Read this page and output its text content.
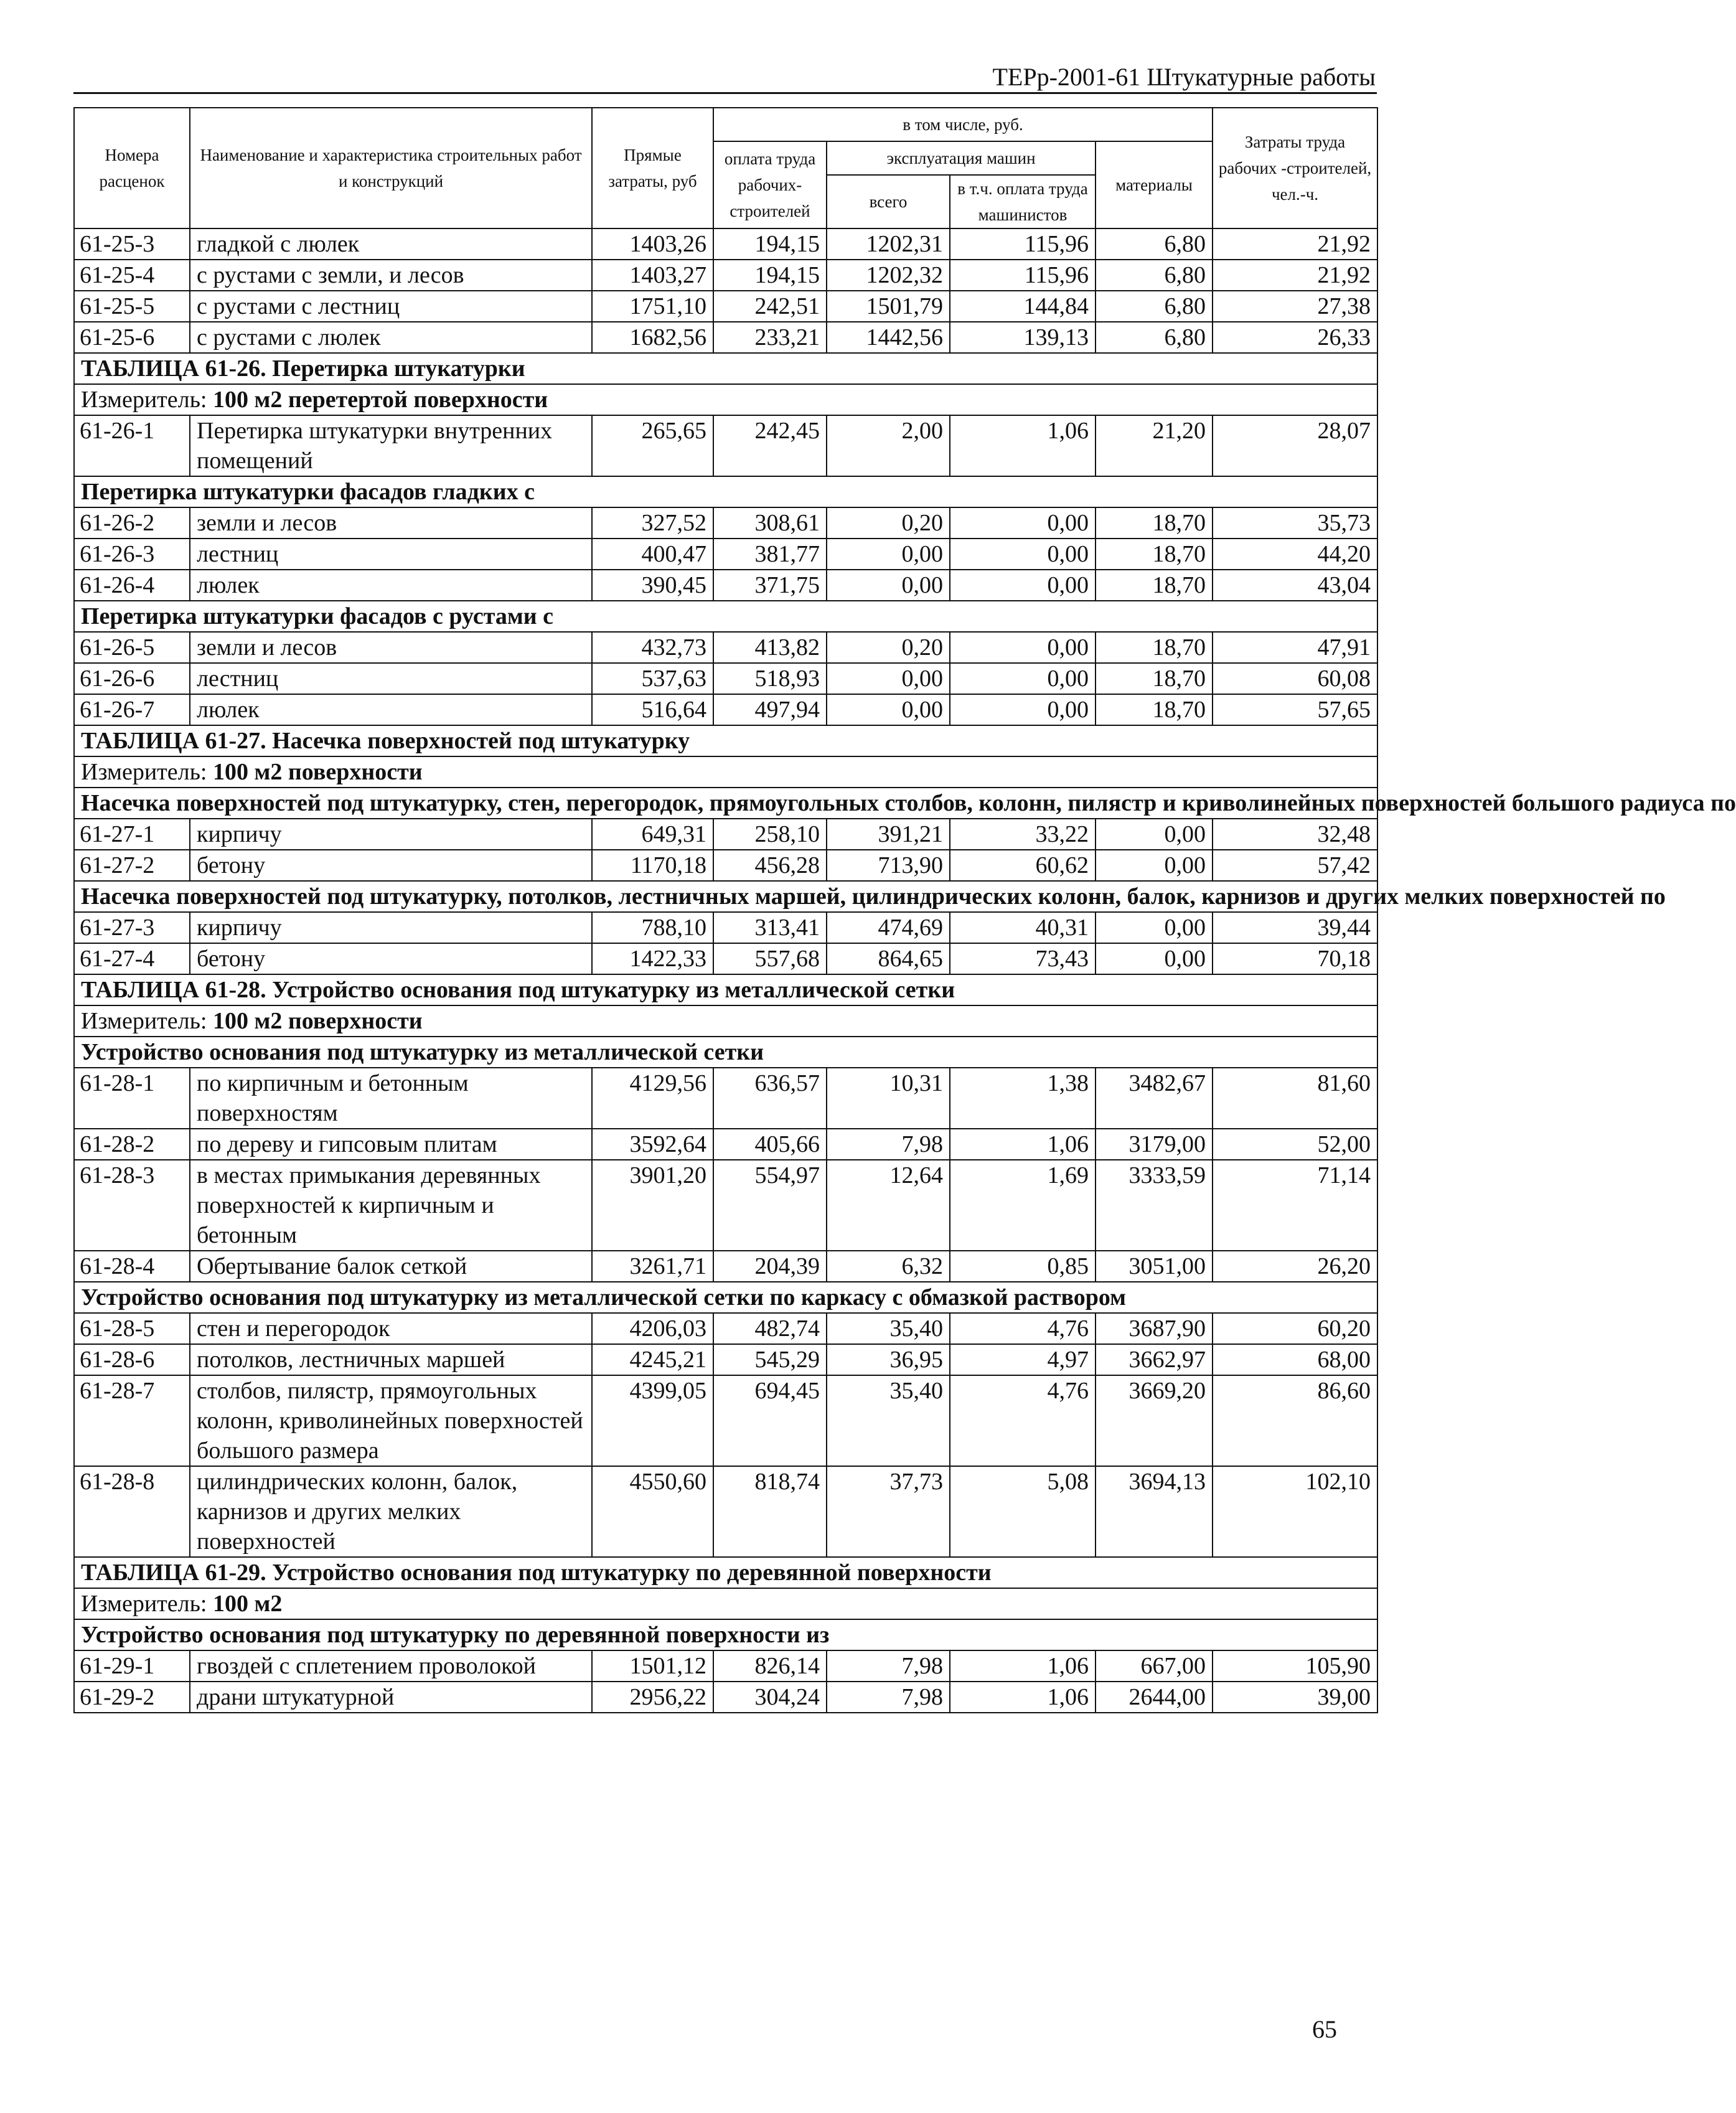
ТЕРр-2001-61 Штукатурные работы
Номера расценок	Наименование и характеристика строительных работ и конструкций	Прямые затраты, руб	в том числе, руб.				Затраты труда рабочих -строителей, чел.-ч.
			оплата труда рабочих-строителей	эксплуатация машин		материалы	
				всего	в т.ч. оплата труда машинистов		

61-25-3	гладкой с люлек	1403,26	194,15	1202,31	115,96	6,80	21,92
61-25-4	с рустами с земли, и лесов	1403,27	194,15	1202,32	115,96	6,80	21,92
61-25-5	с рустами с лестниц	1751,10	242,51	1501,79	144,84	6,80	27,38
61-25-6	с рустами с люлек	1682,56	233,21	1442,56	139,13	6,80	26,33
ТАБЛИЦА 61-26. Перетирка штукатурки							
Измеритель: 100 м2 перетертой поверхности							
61-26-1	Перетирка штукатурки внутренних помещений	265,65	242,45	2,00	1,06	21,20	28,07
Перетирка штукатурки фасадов гладких с							
61-26-2	земли и лесов	327,52	308,61	0,20	0,00	18,70	35,73
61-26-3	лестниц	400,47	381,77	0,00	0,00	18,70	44,20
61-26-4	люлек	390,45	371,75	0,00	0,00	18,70	43,04
Перетирка штукатурки фасадов с рустами с							
61-26-5	земли и лесов	432,73	413,82	0,20	0,00	18,70	47,91
61-26-6	лестниц	537,63	518,93	0,00	0,00	18,70	60,08
61-26-7	люлек	516,64	497,94	0,00	0,00	18,70	57,65
ТАБЛИЦА 61-27. Насечка поверхностей под штукатурку							
Измеритель: 100 м2 поверхности							
Насечка поверхностей под штукатурку, стен, перегородок, прямоугольных столбов, колонн, пилястр и криволинейных поверхностей большого радиуса по							
61-27-1	кирпичу	649,31	258,10	391,21	33,22	0,00	32,48
61-27-2	бетону	1170,18	456,28	713,90	60,62	0,00	57,42
Насечка поверхностей под штукатурку, потолков, лестничных маршей, цилиндрических колонн, балок, карнизов и других мелких поверхностей по							
61-27-3	кирпичу	788,10	313,41	474,69	40,31	0,00	39,44
61-27-4	бетону	1422,33	557,68	864,65	73,43	0,00	70,18
ТАБЛИЦА 61-28. Устройство основания под штукатурку из металлической сетки							
Измеритель: 100 м2 поверхности							
Устройство основания под штукатурку из металлической сетки							
61-28-1	по кирпичным и бетонным поверхностям	4129,56	636,57	10,31	1,38	3482,67	81,60
61-28-2	по дереву и гипсовым плитам	3592,64	405,66	7,98	1,06	3179,00	52,00
61-28-3	в местах примыкания деревянных поверхностей к кирпичным и бетонным	3901,20	554,97	12,64	1,69	3333,59	71,14
61-28-4	Обертывание балок сеткой	3261,71	204,39	6,32	0,85	3051,00	26,20
Устройство основания под штукатурку из металлической сетки по каркасу с обмазкой раствором							
61-28-5	стен и перегородок	4206,03	482,74	35,40	4,76	3687,90	60,20
61-28-6	потолков, лестничных маршей	4245,21	545,29	36,95	4,97	3662,97	68,00
61-28-7	столбов, пилястр, прямоугольных колонн, криволинейных поверхностей большого размера	4399,05	694,45	35,40	4,76	3669,20	86,60
61-28-8	цилиндрических колонн, балок, карнизов и других мелких поверхностей	4550,60	818,74	37,73	5,08	3694,13	102,10
ТАБЛИЦА 61-29. Устройство основания под штукатурку по деревянной поверхности							
Измеритель: 100 м2							
Устройство основания под штукатурку по деревянной поверхности из							
61-29-1	гвоздей с сплетением проволокой	1501,12	826,14	7,98	1,06	667,00	105,90
61-29-2	драни штукатурной	2956,22	304,24	7,98	1,06	2644,00	39,00
65
